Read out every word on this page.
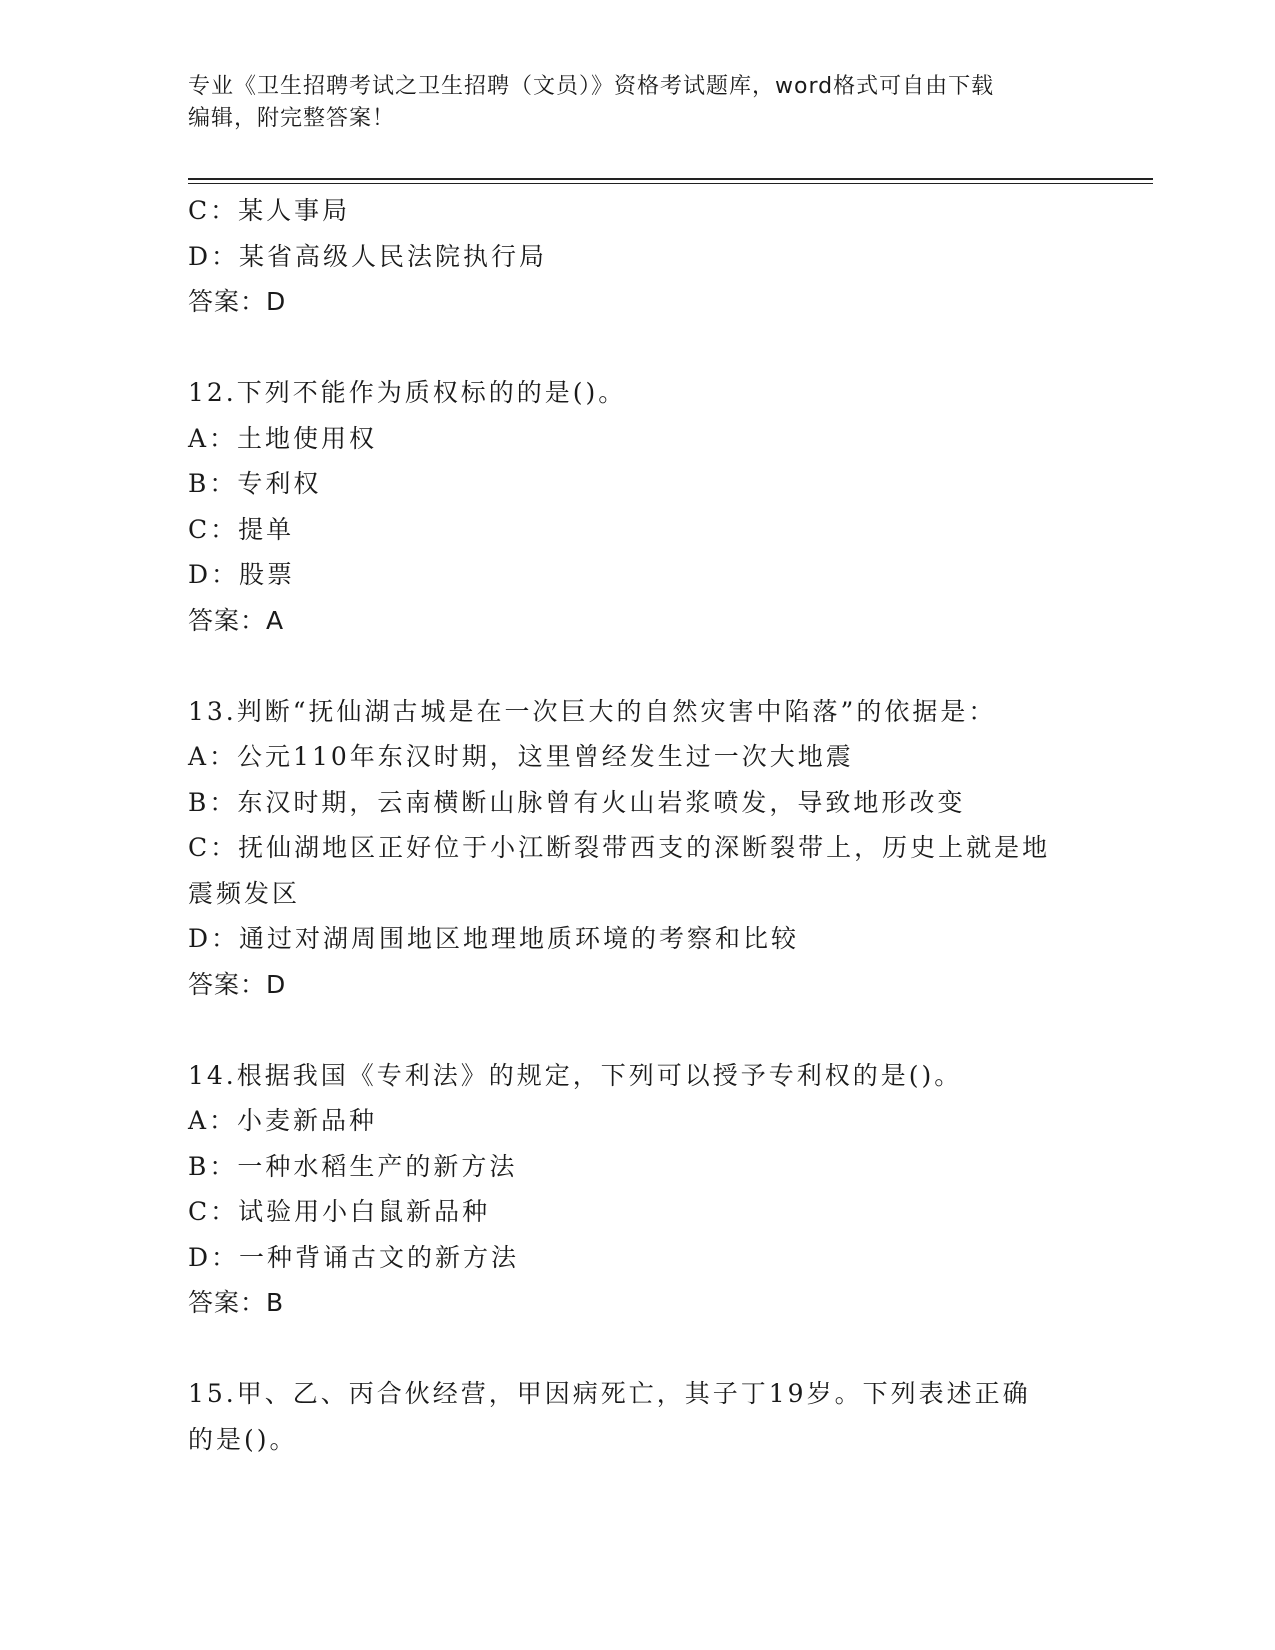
专业《卫生招聘考试之卫生招聘（文员）》资格考试题库，word格式可自由下载
编辑，附完整答案！
C：某人事局
D：某省高级人民法院执行局
答案：D
12.下列不能作为质权标的的是()。
A：土地使用权
B：专利权
C：提单
D：股票
答案：A
13.判断“抚仙湖古城是在一次巨大的自然灾害中陷落”的依据是：
A：公元110年东汉时期，这里曾经发生过一次大地震
B：东汉时期，云南横断山脉曾有火山岩浆喷发，导致地形改变
C：抚仙湖地区正好位于小江断裂带西支的深断裂带上，历史上就是地
震频发区
D：通过对湖周围地区地理地质环境的考察和比较
答案：D
14.根据我国《专利法》的规定，下列可以授予专利权的是()。
A：小麦新品种
B：一种水稻生产的新方法
C：试验用小白鼠新品种
D：一种背诵古文的新方法
答案：B
15.甲、乙、丙合伙经营，甲因病死亡，其子丁19岁。下列表述正确
的是()。
